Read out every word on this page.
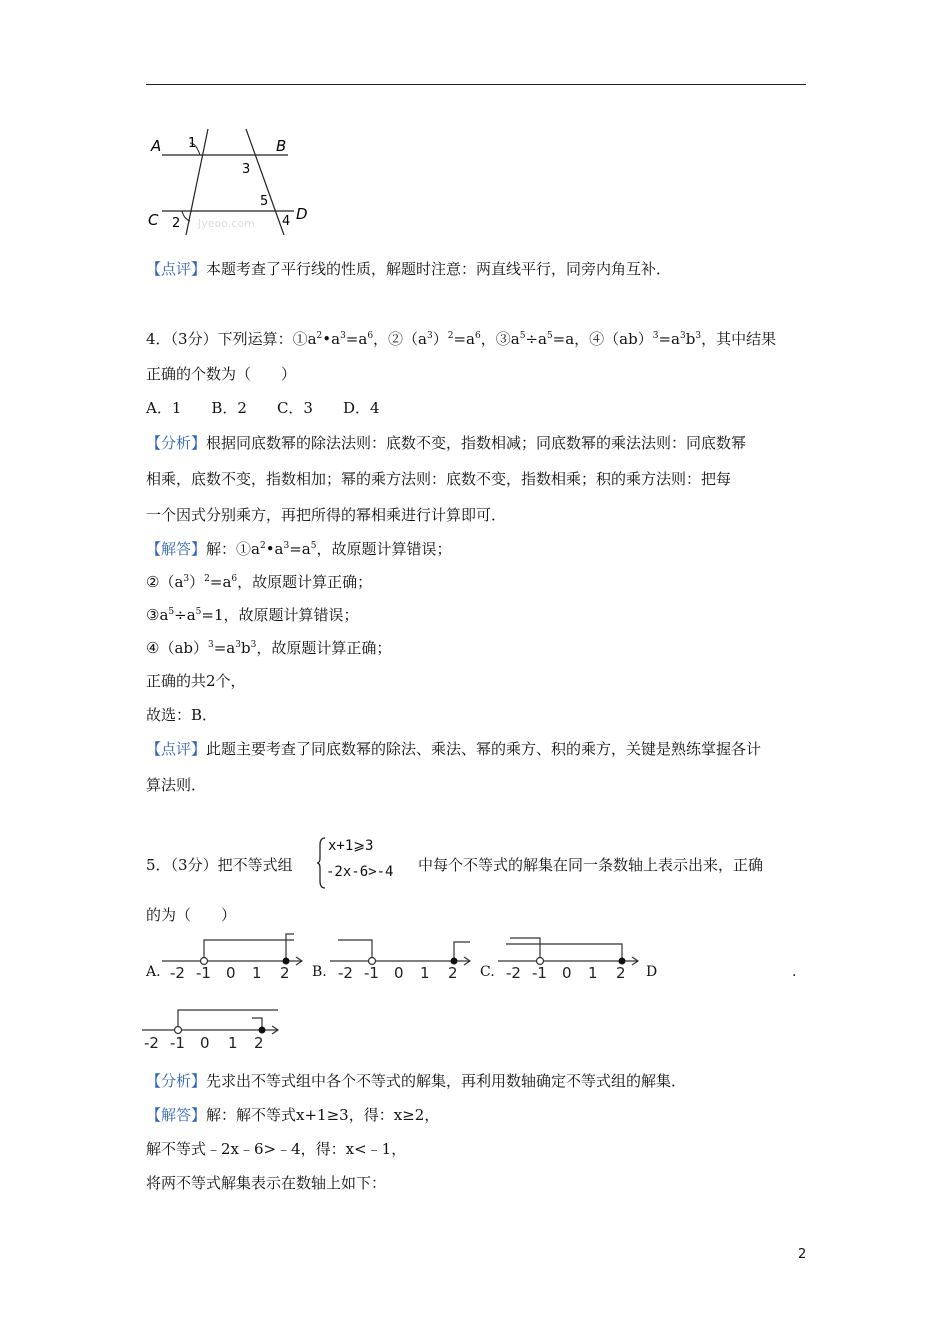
Jyeoo.com
A	B
C	D
1
2
3
4
5
【点评】本题考查了平行线的性质，解题时注意：两直线平行，同旁内角互补．
4．（3分）下列运算：$①a^2•a^3=a^6$，$②(a^3)^2=a^6$，$③a^5\div a^5=a$，$④(ab)^3=a^3b^3$，其中结果
正确的个数为（　　）
A．1　　B．2　　C．3　　D．4
【分析】根据同底数幂的除法法则：底数不变，指数相减；同底数幂的乘法法则：同底数幂
相乘，底数不变，指数相加；幂的乘方法则：底数不变，指数相乘；积的乘方法则：把每
一个因式分别乘方，再把所得的幂相乘进行计算即可．
【解答】解：$①a^2•a^3=a^5$，故原题计算错误；
$②(a^3)^2=a^6$，故原题计算正确；
$③a^5\div a^5=1$，故原题计算错误；
$④(ab)^3=a^3b^3$，故原题计算正确；
正确的共2个，
故选：B．
【点评】此题主要考查了同底数幂的除法、乘法、幂的乘方、积的乘方，关键是熟练掌握各计
算法则．
5．（3分）把不等式组
x+1⩾3
-2x-6>-4 中每个不等式的解集在同一条数轴上表示出来，正确
的为（　　）
A.	B.	C.	D	.
-2 -1 0 1 2	-2 -1 0 1 2	-2 -1 0 1 2
-2 -1 0 1 2
【分析】先求出不等式组中各个不等式的解集，再利用数轴确定不等式组的解集．
【解答】解：解不等式x+1≥3，得：x≥2，
解不等式﹣2x﹣6>﹣4，得：x<﹣1，
将两不等式解集表示在数轴上如下：
2
